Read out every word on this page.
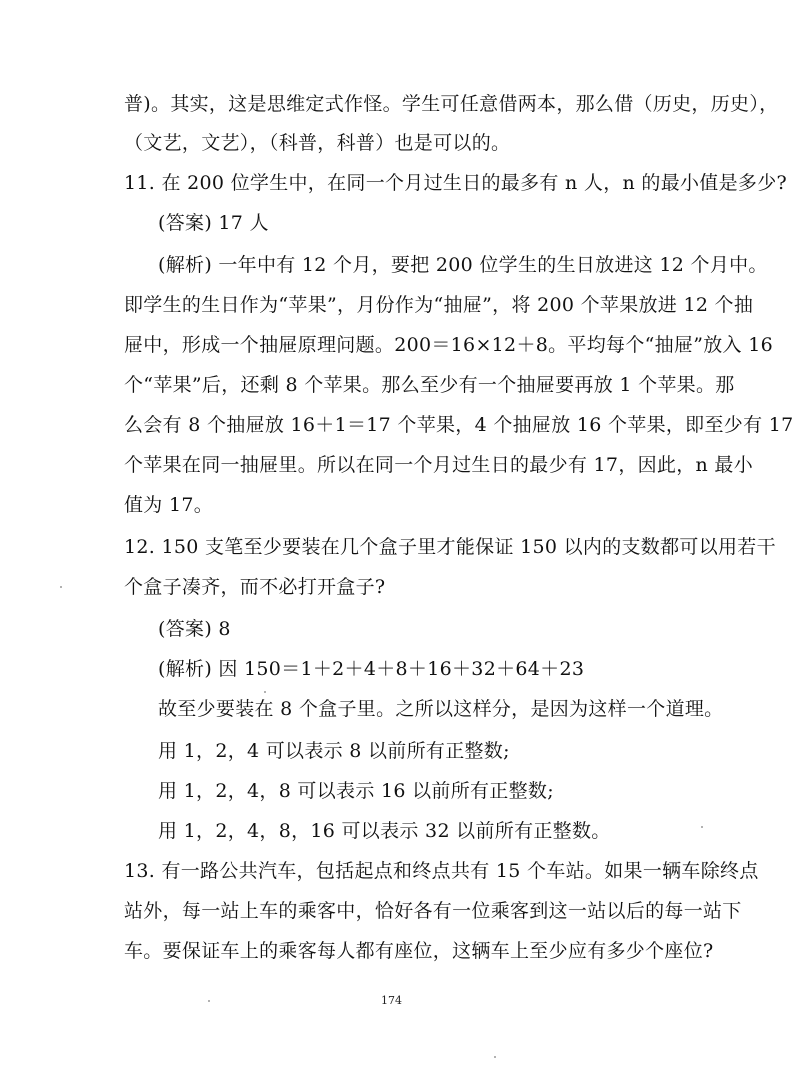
普)。其实，这是思维定式作怪。学生可任意借两本，那么借（历史，历史），
（文艺，文艺），（科普，科普）也是可以的。
11. 在 200 位学生中，在同一个月过生日的最多有 n 人，n 的最小值是多少?
(答案) 17 人
(解析) 一年中有 12 个月，要把 200 位学生的生日放进这 12 个月中。
即学生的生日作为“苹果”，月份作为“抽屉”，将 200 个苹果放进 12 个抽
屉中，形成一个抽屉原理问题。200＝16×12＋8。平均每个“抽屉”放入 16
个“苹果”后，还剩 8 个苹果。那么至少有一个抽屉要再放 1 个苹果。那
么会有 8 个抽屉放 16＋1＝17 个苹果，4 个抽屉放 16 个苹果，即至少有 17
个苹果在同一抽屉里。所以在同一个月过生日的最少有 17，因此，n 最小
值为 17。
12. 150 支笔至少要装在几个盒子里才能保证 150 以内的支数都可以用若干
个盒子凑齐，而不必打开盒子?
(答案) 8
(解析) 因 150＝1＋2＋4＋8＋16＋32＋64＋23
故至少要装在 8 个盒子里。之所以这样分，是因为这样一个道理。
用 1，2，4 可以表示 8 以前所有正整数;
用 1，2，4，8 可以表示 16 以前所有正整数;
用 1，2，4，8，16 可以表示 32 以前所有正整数。
13. 有一路公共汽车，包括起点和终点共有 15 个车站。如果一辆车除终点
站外，每一站上车的乘客中，恰好各有一位乘客到这一站以后的每一站下
车。要保证车上的乘客每人都有座位，这辆车上至少应有多少个座位?
174
